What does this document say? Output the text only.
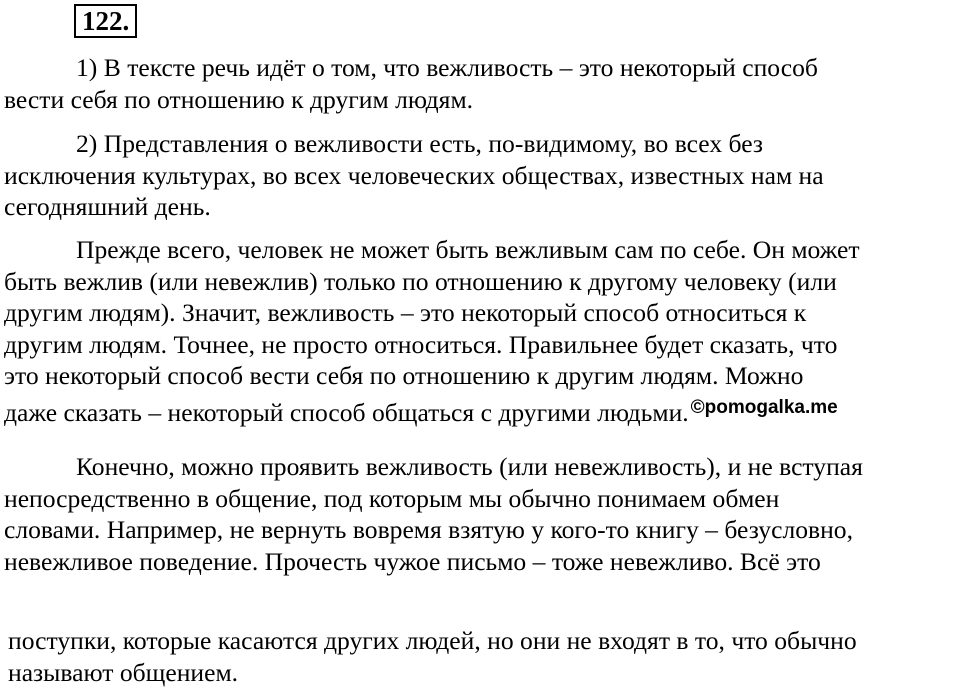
122.

1) В тексте речь идёт о том, что вежливость – это некоторый способ
вести себя по отношению к другим людям.

2) Представления о вежливости есть, по-видимому, во всех без
исключения культурах, во всех человеческих обществах, известных нам на
сегодняшний день.

Прежде всего, человек не может быть вежливым сам по себе. Он может
быть вежлив (или невежлив) только по отношению к другому человеку (или
другим людям). Значит, вежливость – это некоторый способ относиться к
другим людям. Точнее, не просто относиться. Правильнее будет сказать, что
это некоторый способ вести себя по отношению к другим людям. Можно
даже сказать – некоторый способ общаться с другими людьми. $^{©pomogalka.me}$

Конечно, можно проявить вежливость (или невежливость), и не вступая
непосредственно в общение, под которым мы обычно понимаем обмен
словами. Например, не вернуть вовремя взятую у кого-то книгу – безусловно,
невежливое поведение. Прочесть чужое письмо – тоже невежливо. Всё это

поступки, которые касаются других людей, но они не входят в то, что обычно
называют общением.
